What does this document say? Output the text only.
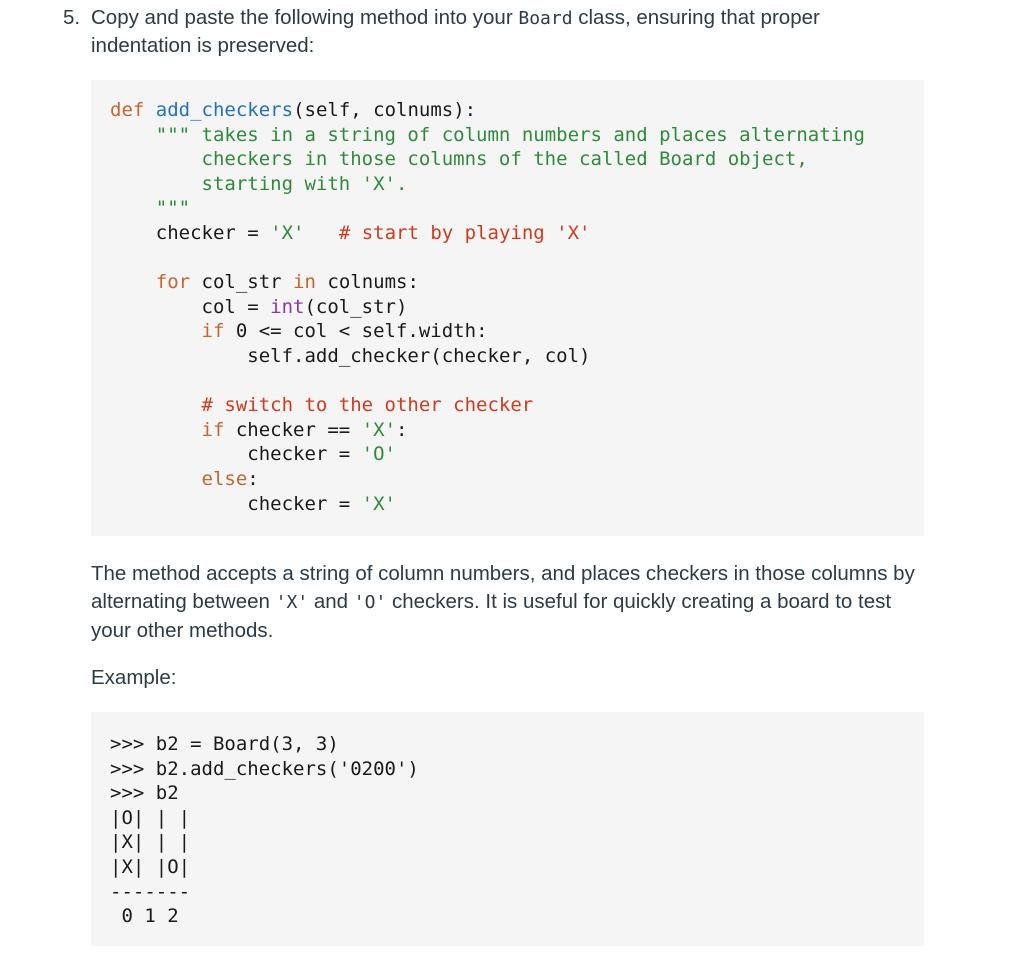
5. Copy and paste the following method into your Board class, ensuring that proper indentation is preserved:
def add_checkers(self, colnums):
""" takes in a string of column numbers and places alternating
checkers in those columns of the called Board object,
starting with 'X'.
"""
checker = 'X' # start by playing 'X'

for col_str in colnums:
col = int(col_str)
if 0 <= col < self.width:
self.add_checker(checker, col)

# switch to the other checker
if checker == 'X':
checker = 'O'
else:
checker = 'X'
The method accepts a string of column numbers, and places checkers in those columns by alternating between 'X' and 'O' checkers. It is useful for quickly creating a board to test your other methods.
Example:
>>> b2 = Board(3, 3)
>>> b2.add_checkers('0200')
>>> b2
|O| | |
|X| | |
|X| |O|
-------
0 1 2
